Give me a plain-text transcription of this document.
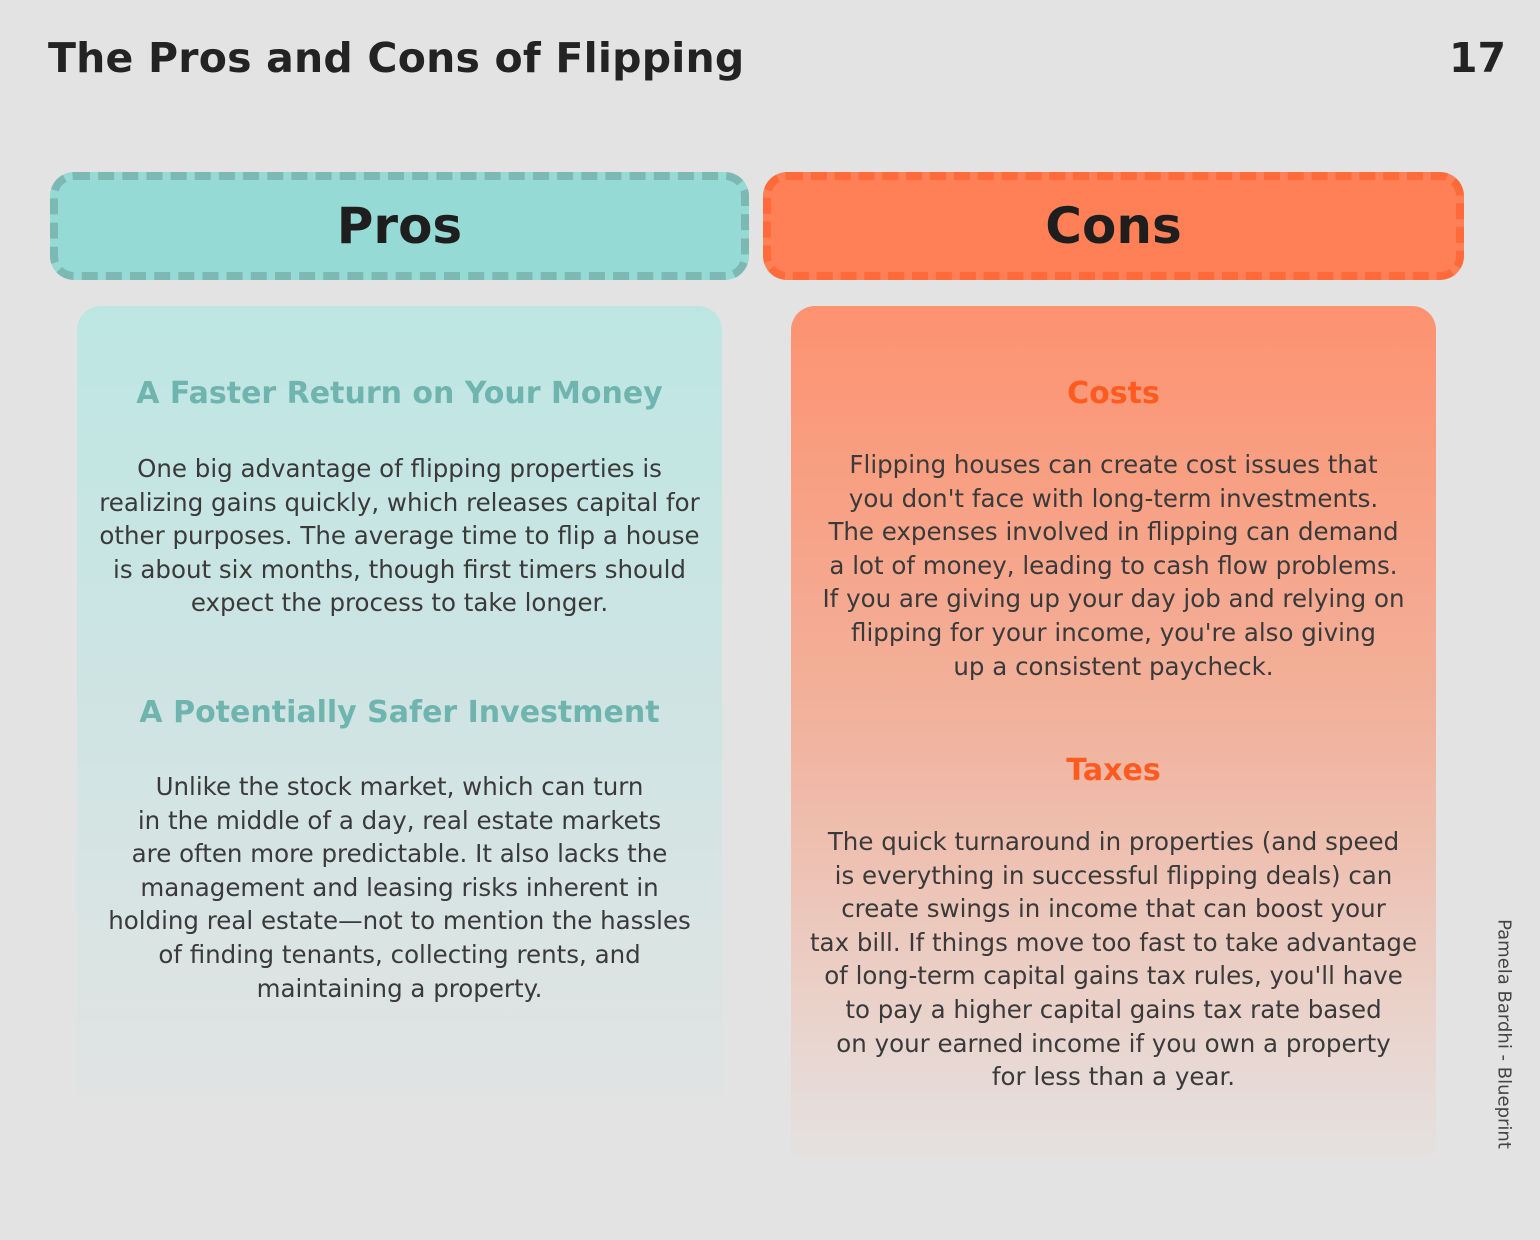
The Pros and Cons of Flipping	17
Pros	Cons
A Faster Return on Your Money
One big advantage of flipping properties is
realizing gains quickly, which releases capital for
other purposes. The average time to flip a house
is about six months, though first timers should
expect the process to take longer.
A Potentially Safer Investment
Unlike the stock market, which can turn
in the middle of a day, real estate markets
are often more predictable. It also lacks the
management and leasing risks inherent in
holding real estate—not to mention the hassles
of finding tenants, collecting rents, and
maintaining a property.
Costs
Flipping houses can create cost issues that
you don't face with long-term investments.
The expenses involved in flipping can demand
a lot of money, leading to cash flow problems.
If you are giving up your day job and relying on
flipping for your income, you're also giving
up a consistent paycheck.
Taxes
The quick turnaround in properties (and speed
is everything in successful flipping deals) can
create swings in income that can boost your
tax bill. If things move too fast to take advantage
of long-term capital gains tax rules, you'll have
to pay a higher capital gains tax rate based
on your earned income if you own a property
for less than a year.	Pamela Bardhi - Blueprint
